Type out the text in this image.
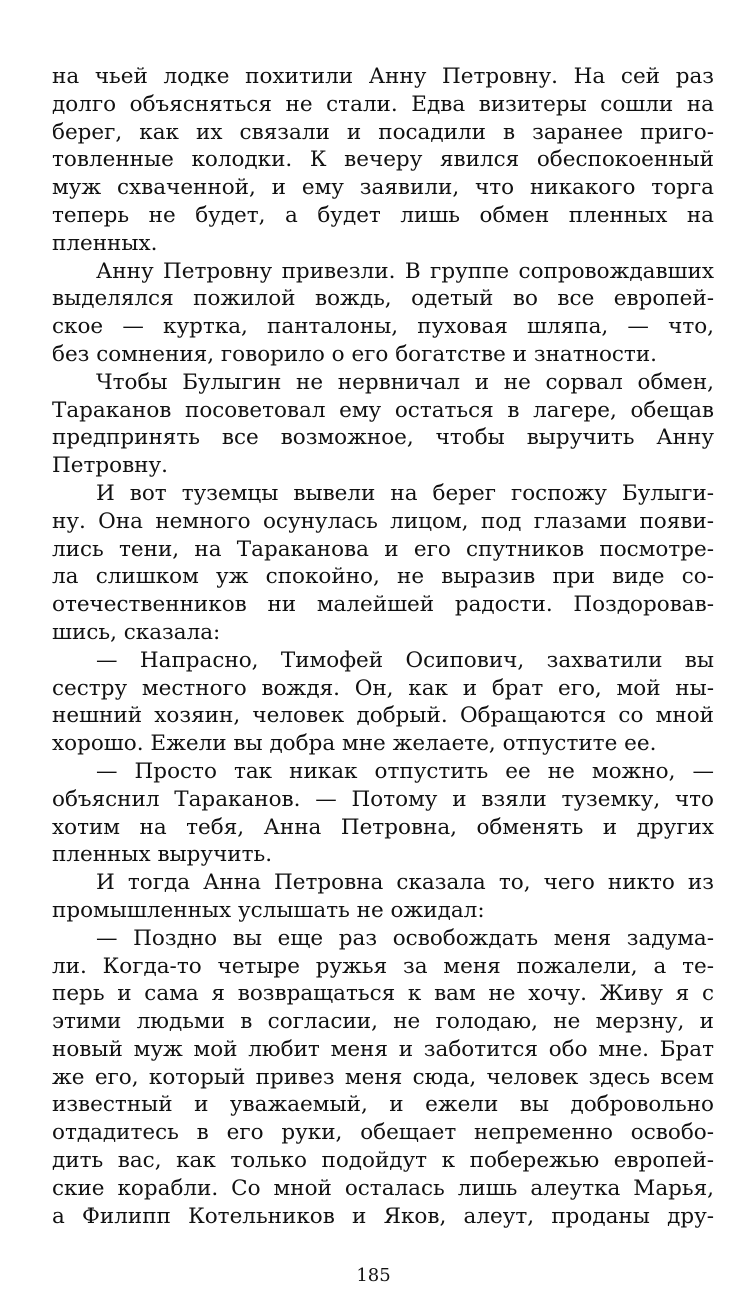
на чьей лодке похитили Анну Петровну. На сей раз
долго объясняться не стали. Едва визитеры сошли на
берег, как их связали и посадили в заранее приго-
товленные колодки. К вечеру явился обеспокоенный
муж схваченной, и ему заявили, что никакого торга
теперь не будет, а будет лишь обмен пленных на
пленных.
Анну Петровну привезли. В группе сопровождавших
выделялся пожилой вождь, одетый во все европей-
ское — куртка, панталоны, пуховая шляпа, — что,
без сомнения, говорило о его богатстве и знатности.
Чтобы Булыгин не нервничал и не сорвал обмен,
Тараканов посоветовал ему остаться в лагере, обещав
предпринять все возможное, чтобы выручить Анну
Петровну.
И вот туземцы вывели на берег госпожу Булыги-
ну. Она немного осунулась лицом, под глазами появи-
лись тени, на Тараканова и его спутников посмотре-
ла слишком уж спокойно, не выразив при виде со-
отечественников ни малейшей радости. Поздоровав-
шись, сказала:
— Напрасно, Тимофей Осипович, захватили вы
сестру местного вождя. Он, как и брат его, мой ны-
нешний хозяин, человек добрый. Обращаются со мной
хорошо. Ежели вы добра мне желаете, отпустите ее.
— Просто так никак отпустить ее не можно, —
объяснил Тараканов. — Потому и взяли туземку, что
хотим на тебя, Анна Петровна, обменять и других
пленных выручить.
И тогда Анна Петровна сказала то, чего никто из
промышленных услышать не ожидал:
— Поздно вы еще раз освобождать меня задума-
ли. Когда-то четыре ружья за меня пожалели, а те-
перь и сама я возвращаться к вам не хочу. Живу я с
этими людьми в согласии, не голодаю, не мерзну, и
новый муж мой любит меня и заботится обо мне. Брат
же его, который привез меня сюда, человек здесь всем
известный и уважаемый, и ежели вы добровольно
отдадитесь в его руки, обещает непременно освобо-
дить вас, как только подойдут к побережью европей-
ские корабли. Со мной осталась лишь алеутка Марья,
а Филипп Котельников и Яков, алеут, проданы дру-
185
